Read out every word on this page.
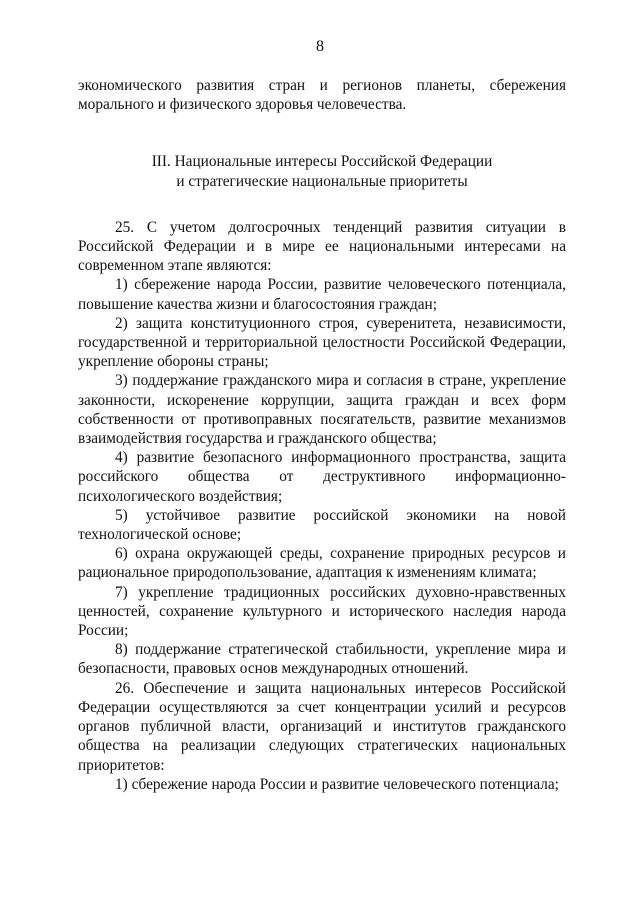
8

экономического развития стран и регионов планеты, сбережения морального и физического здоровья человечества.

III. Национальные интересы Российской Федерации
и стратегические национальные приоритеты

25. С учетом долгосрочных тенденций развития ситуации в Российской Федерации и в мире ее национальными интересами на современном этапе являются:

1) сбережение народа России, развитие человеческого потенциала, повышение качества жизни и благосостояния граждан;

2) защита конституционного строя, суверенитета, независимости, государственной и территориальной целостности Российской Федерации, укрепление обороны страны;

3) поддержание гражданского мира и согласия в стране, укрепление законности, искоренение коррупции, защита граждан и всех форм собственности от противоправных посягательств, развитие механизмов взаимодействия государства и гражданского общества;

4) развитие безопасного информационного пространства, защита российского общества от деструктивного информационно-психологического воздействия;

5) устойчивое развитие российской экономики на новой технологической основе;

6) охрана окружающей среды, сохранение природных ресурсов и рациональное природопользование, адаптация к изменениям климата;

7) укрепление традиционных российских духовно-нравственных ценностей, сохранение культурного и исторического наследия народа России;

8) поддержание стратегической стабильности, укрепление мира и безопасности, правовых основ международных отношений.

26. Обеспечение и защита национальных интересов Российской Федерации осуществляются за счет концентрации усилий и ресурсов органов публичной власти, организаций и институтов гражданского общества на реализации следующих стратегических национальных приоритетов:

1) сбережение народа России и развитие человеческого потенциала;
